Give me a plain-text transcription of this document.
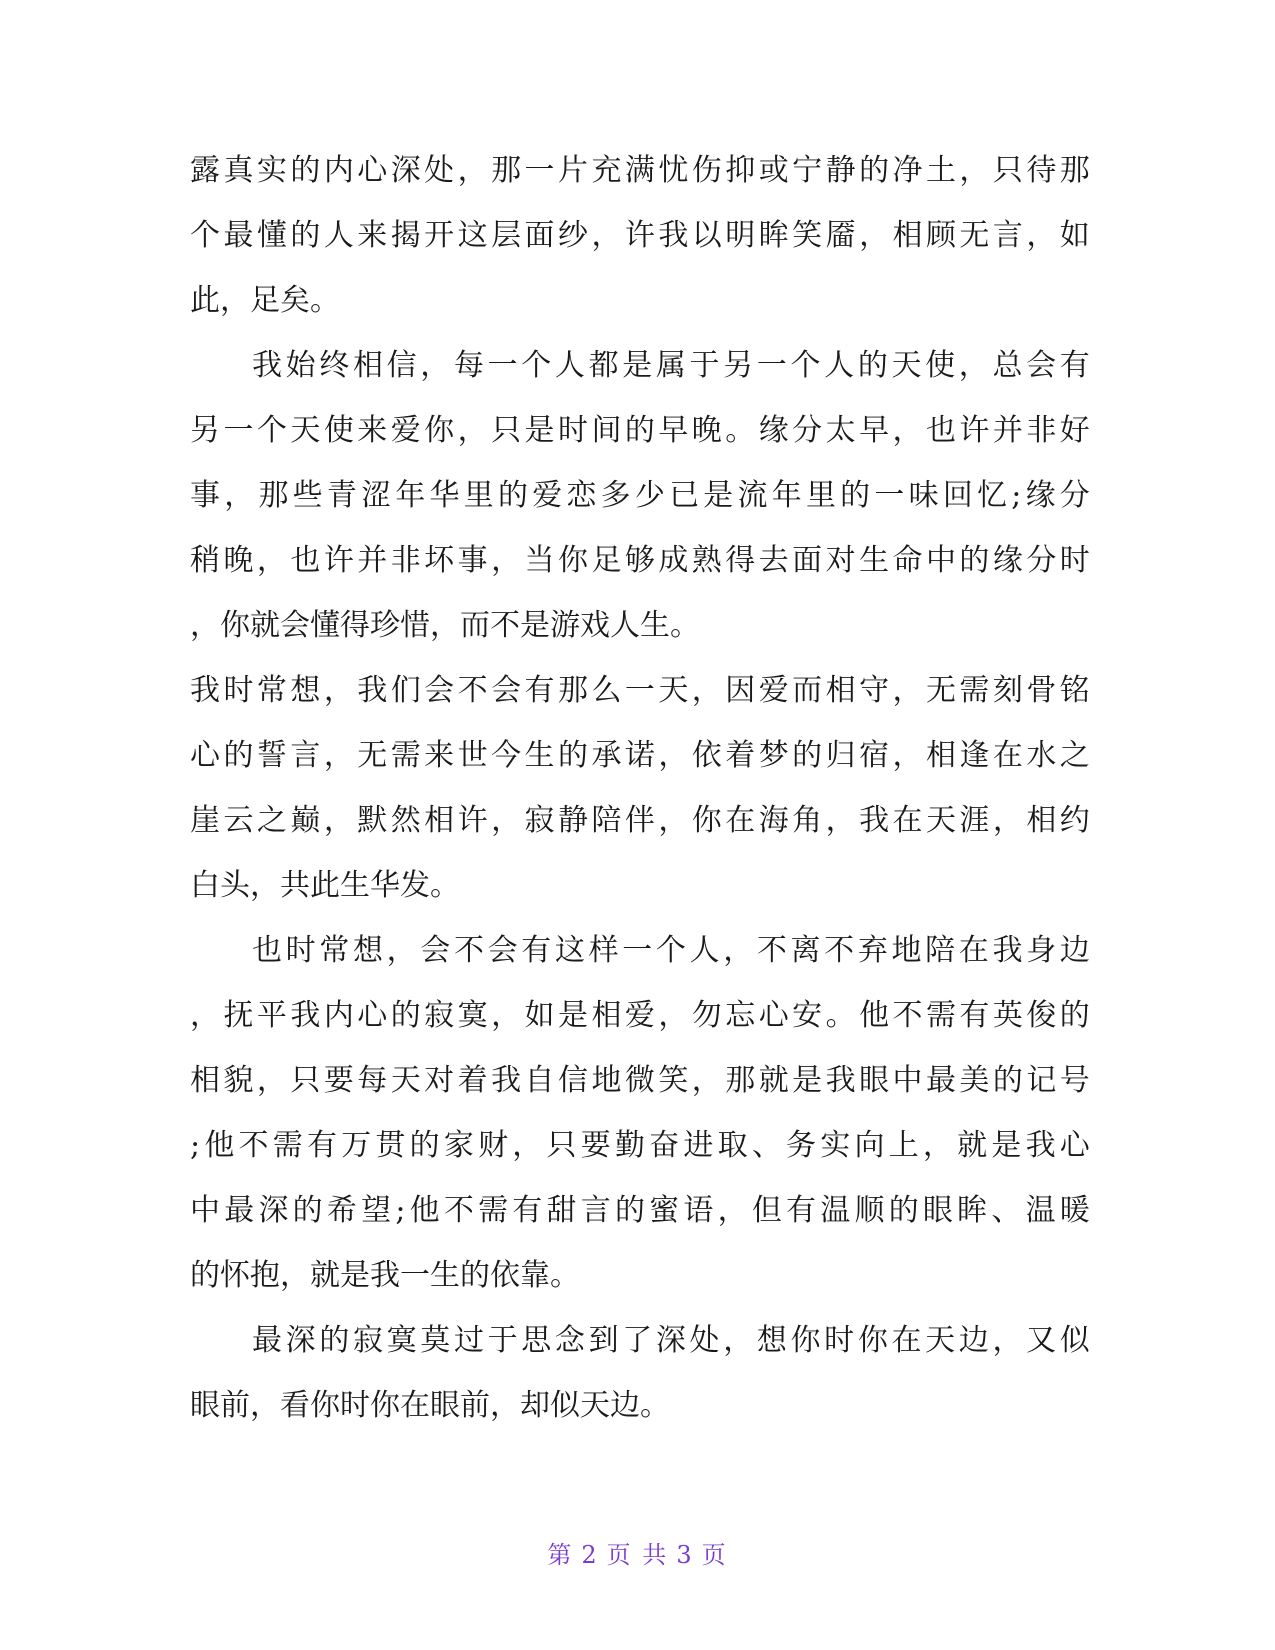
露 真 实 的 内 心 深 处 ， 那 一 片 充 满 忧 伤 抑 或 宁 静 的 净 土 ， 只 待 那
个 最 懂 的 人 来 揭 开 这 层 面 纱 ， 许 我 以 明 眸 笑 靥 ， 相 顾 无 言 ， 如
此，足矣。
我 始 终 相 信 ， 每 一 个 人 都 是 属 于 另 一 个 人 的 天 使 ， 总 会 有
另 一 个 天 使 来 爱 你 ， 只 是 时 间 的 早 晚 。 缘 分 太 早 ， 也 许 并 非 好
事 ， 那 些 青 涩 年 华 里 的 爱 恋 多 少 已 是 流 年 里 的 一 味 回 忆 ; 缘 分
稍 晚 ， 也 许 并 非 坏 事 ， 当 你 足 够 成 熟 得 去 面 对 生 命 中 的 缘 分 时
，你就会懂得珍惜，而不是游戏人生。
我 时 常 想 ， 我 们 会 不 会 有 那 么 一 天 ， 因 爱 而 相 守 ， 无 需 刻 骨 铭
心 的 誓 言 ， 无 需 来 世 今 生 的 承 诺 ， 依 着 梦 的 归 宿 ， 相 逢 在 水 之
崖 云 之 巅 ， 默 然 相 许 ， 寂 静 陪 伴 ， 你 在 海 角 ， 我 在 天 涯 ， 相 约
白头，共此生华发。
也 时 常 想 ， 会 不 会 有 这 样 一 个 人 ， 不 离 不 弃 地 陪 在 我 身 边
， 抚 平 我 内 心 的 寂 寞 ， 如 是 相 爱 ， 勿 忘 心 安 。 他 不 需 有 英 俊 的
相 貌 ， 只 要 每 天 对 着 我 自 信 地 微 笑 ， 那 就 是 我 眼 中 最 美 的 记 号
; 他 不 需 有 万 贯 的 家 财 ， 只 要 勤 奋 进 取 、 务 实 向 上 ， 就 是 我 心
中 最 深 的 希 望 ; 他 不 需 有 甜 言 的 蜜 语 ， 但 有 温 顺 的 眼 眸 、 温 暖
的怀抱，就是我一生的依靠。
最 深 的 寂 寞 莫 过 于 思 念 到 了 深 处 ， 想 你 时 你 在 天 边 ， 又 似
眼前，看你时你在眼前，却似天边。
第 2 页 共 3 页
